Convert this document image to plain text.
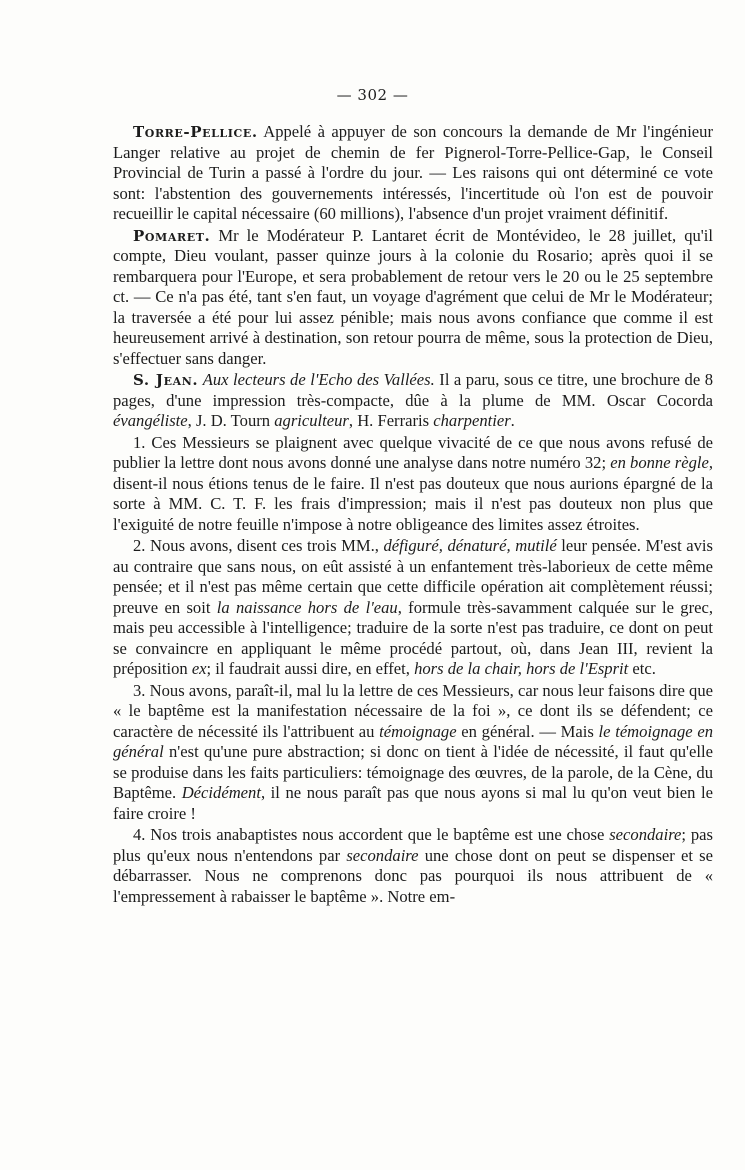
— 302 —

Torre-Pellice. Appelé à appuyer de son concours la demande de Mr l'ingénieur Langer relative au projet de chemin de fer Pignerol-Torre-Pellice-Gap, le Conseil Provincial de Turin a passé à l'ordre du jour. — Les raisons qui ont déterminé ce vote sont: l'abstention des gouvernements intéressés, l'incertitude où l'on est de pouvoir recueillir le capital nécessaire (60 millions), l'absence d'un projet vraiment définitif.

Pomaret. Mr le Modérateur P. Lantaret écrit de Montévideo, le 28 juillet, qu'il compte, Dieu voulant, passer quinze jours à la colonie du Rosario; après quoi il se rembarquera pour l'Europe, et sera probablement de retour vers le 20 ou le 25 septembre ct. — Ce n'a pas été, tant s'en faut, un voyage d'agrément que celui de Mr le Modérateur; la traversée a été pour lui assez pénible; mais nous avons confiance que comme il est heureusement arrivé à destination, son retour pourra de même, sous la protection de Dieu, s'effectuer sans danger.

S. Jean. Aux lecteurs de l'Echo des Vallées. Il a paru, sous ce titre, une brochure de 8 pages, d'une impression très-compacte, dûe à la plume de MM. Oscar Cocorda évangéliste, J. D. Tourn agriculteur, H. Ferraris charpentier.

1. Ces Messieurs se plaignent avec quelque vivacité de ce que nous avons refusé de publier la lettre dont nous avons donné une analyse dans notre numéro 32; en bonne règle, disent-il nous étions tenus de le faire. Il n'est pas douteux que nous aurions épargné de la sorte à MM. C. T. F. les frais d'impression; mais il n'est pas douteux non plus que l'exiguité de notre feuille n'impose à notre obligeance des limites assez étroites.

2. Nous avons, disent ces trois MM., défiguré, dénaturé, mutilé leur pensée. M'est avis au contraire que sans nous, on eût assisté à un enfantement très-laborieux de cette même pensée; et il n'est pas même certain que cette difficile opération ait complètement réussi; preuve en soit la naissance hors de l'eau, formule très-savamment calquée sur le grec, mais peu accessible à l'intelligence; traduire de la sorte n'est pas traduire, ce dont on peut se convaincre en appliquant le même procédé partout, où, dans Jean III, revient la préposition ex; il faudrait aussi dire, en effet, hors de la chair, hors de l'Esprit etc.

3. Nous avons, paraît-il, mal lu la lettre de ces Messieurs, car nous leur faisons dire que « le baptême est la manifestation nécessaire de la foi », ce dont ils se défendent; ce caractère de nécessité ils l'attribuent au témoignage en général. — Mais le témoignage en général n'est qu'une pure abstraction; si donc on tient à l'idée de nécessité, il faut qu'elle se produise dans les faits particuliers: témoignage des œuvres, de la parole, de la Cène, du Baptême. Décidément, il ne nous paraît pas que nous ayons si mal lu qu'on veut bien le faire croire !

4. Nos trois anabaptistes nous accordent que le baptême est une chose secondaire; pas plus qu'eux nous n'entendons par secondaire une chose dont on peut se dispenser et se débarrasser. Nous ne comprenons donc pas pourquoi ils nous attribuent de « l'empressement à rabaisser le baptême ». Notre em-
